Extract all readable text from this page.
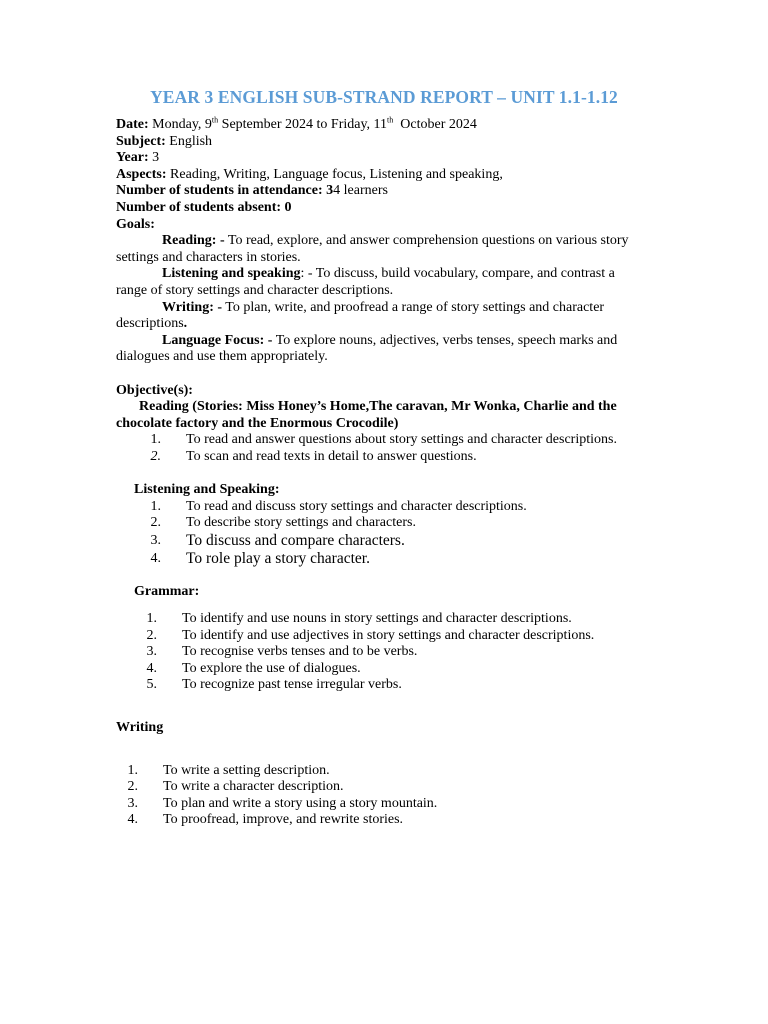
YEAR 3 ENGLISH SUB-STRAND REPORT – UNIT 1.1-1.12

Date: Monday, 9th September 2024 to Friday, 11th  October 2024

Subject: English

Year: 3

Aspects: Reading, Writing, Language focus, Listening and speaking,

Number of students in attendance: 34 learners

Number of students absent: 0

Goals:

Reading: - To read, explore, and answer comprehension questions on various story settings and characters in stories.

Listening and speaking: - To discuss, build vocabulary, compare, and contrast a range of story settings and character descriptions.

Writing: - To plan, write, and proofread a range of story settings and character descriptions.

Language Focus: - To explore nouns, adjectives, verbs tenses, speech marks and dialogues and use them appropriately.

Objective(s):

Reading (Stories: Miss Honey’s Home,The caravan, Mr Wonka, Charlie and the

chocolate factory and the Enormous Crocodile)

1. To read and answer questions about story settings and character descriptions.
2. To scan and read texts in detail to answer questions.

Listening and Speaking:

1. To read and discuss story settings and character descriptions.
2. To describe story settings and characters.
3. To discuss and compare characters.
4. To role play a story character.

Grammar:

1. To identify and use nouns in story settings and character descriptions.
2. To identify and use adjectives in story settings and character descriptions.
3. To recognise verbs tenses and to be verbs.
4. To explore the use of dialogues.
5. To recognize past tense irregular verbs.

Writing

1. To write a setting description.
2. To write a character description.
3. To plan and write a story using a story mountain.
4. To proofread, improve, and rewrite stories.
